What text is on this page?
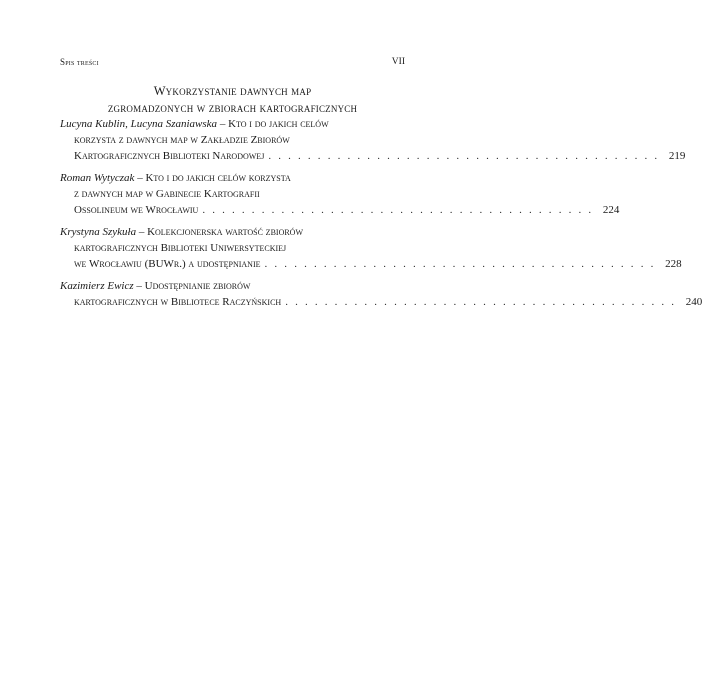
Spis treści	VII
Wykorzystanie dawnych map
zgromadzonych w zbiorach kartograficznych
Lucyna Kublin, Lucyna Szaniawska – Kto i do jakich celów
korzysta z dawnych map w Zakładzie Zbiorów
Kartograficznych Biblioteki Narodowej . . . . . . . . . . . . . . . . . . . . . . . . . . . . . . . . . . . . . . . . 219
Roman Wytyczak – Kto i do jakich celów korzysta
z dawnych map w Gabinecie Kartografii
Ossolineum we Wrocławiu . . . . . . . . . . . . . . . . . . . . . . . . . . . . . . . . . . . . . . . . 224
Krystyna Szykuła – Kolekcjonerska wartość zbiorów
kartograficznych Biblioteki Uniwersyteckiej
we Wrocławiu (BUWr.) a udostępnianie . . . . . . . . . . . . . . . . . . . . . . . . . . . . . . . . . . . . . . . . 228
Kazimierz Ewicz – Udostępnianie zbiorów
kartograficznych w Bibliotece Raczyńskich . . . . . . . . . . . . . . . . . . . . . . . . . . . . . . . . . . . . . . . . 240
